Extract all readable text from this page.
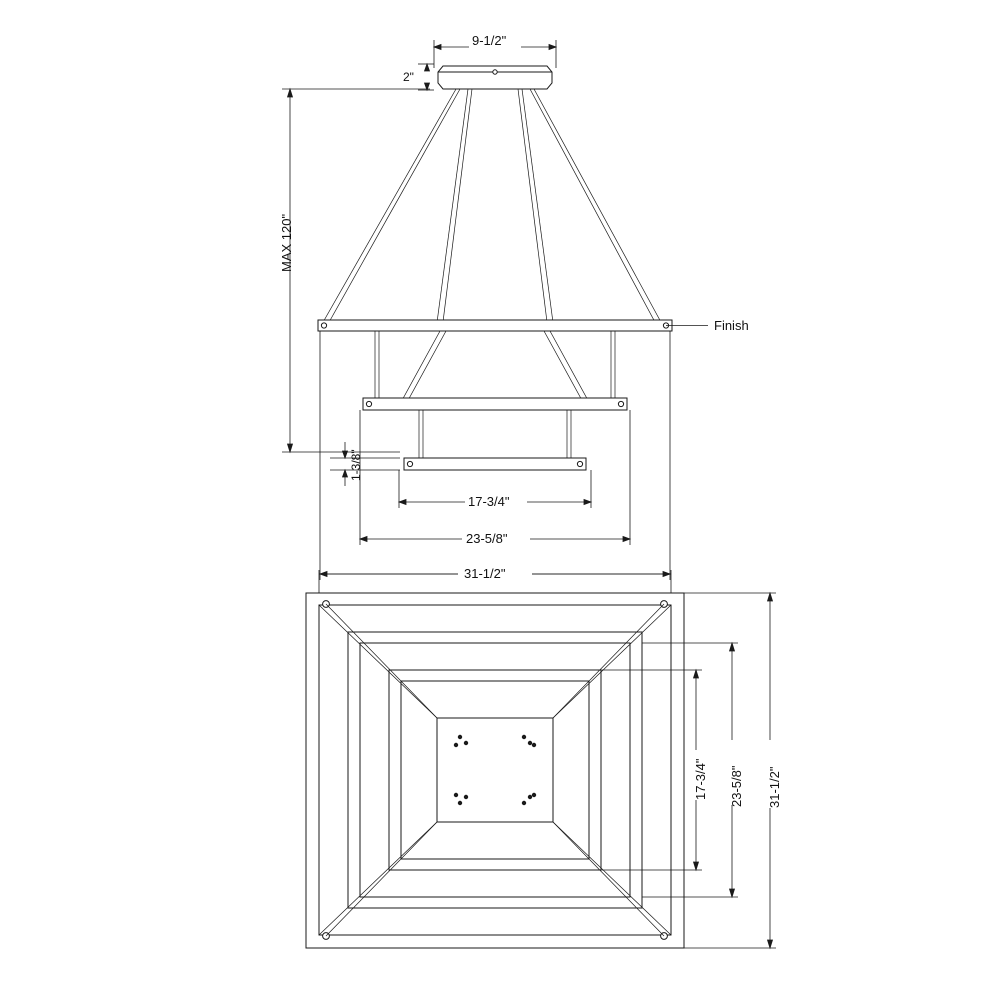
9-1/2"
2"
MAX 120"
Finish
1-3/8"
17-3/4"
23-5/8"
31-1/2"
17-3/4" 23-5/8" 31-1/2"
